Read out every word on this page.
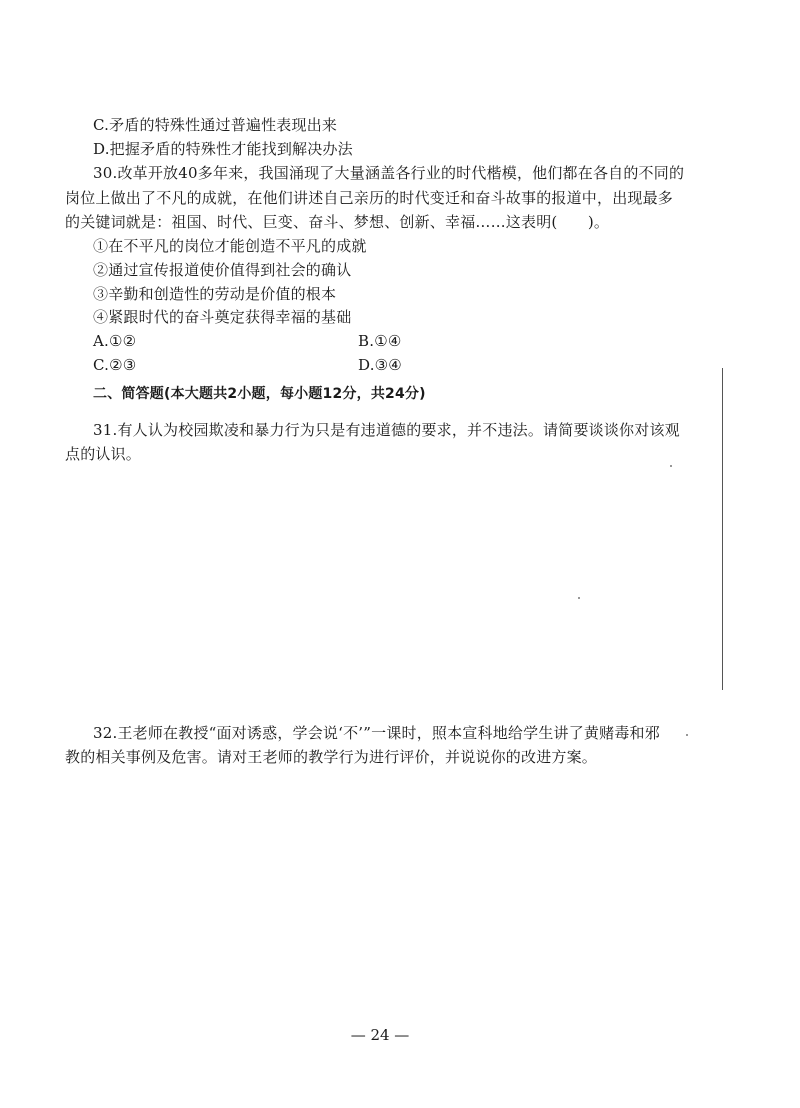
C.矛盾的特殊性通过普遍性表现出来
D.把握矛盾的特殊性才能找到解决办法
30.改革开放40多年来，我国涌现了大量涵盖各行业的时代楷模，他们都在各自的不同的
岗位上做出了不凡的成就，在他们讲述自己亲历的时代变迁和奋斗故事的报道中，出现最多
的关键词就是：祖国、时代、巨变、奋斗、梦想、创新、幸福……这表明(　　)。
①在不平凡的岗位才能创造不平凡的成就
②通过宣传报道使价值得到社会的确认
③辛勤和创造性的劳动是价值的根本
④紧跟时代的奋斗奠定获得幸福的基础
A.①②	B.①④
C.②③	D.③④
二、简答题(本大题共2小题，每小题12分，共24分)
31.有人认为校园欺凌和暴力行为只是有违道德的要求，并不违法。请简要谈谈你对该观
点的认识。
32.王老师在教授“面对诱惑，学会说‘不’”一课时，照本宣科地给学生讲了黄赌毒和邪
教的相关事例及危害。请对王老师的教学行为进行评价，并说说你的改进方案。
— 24 —
